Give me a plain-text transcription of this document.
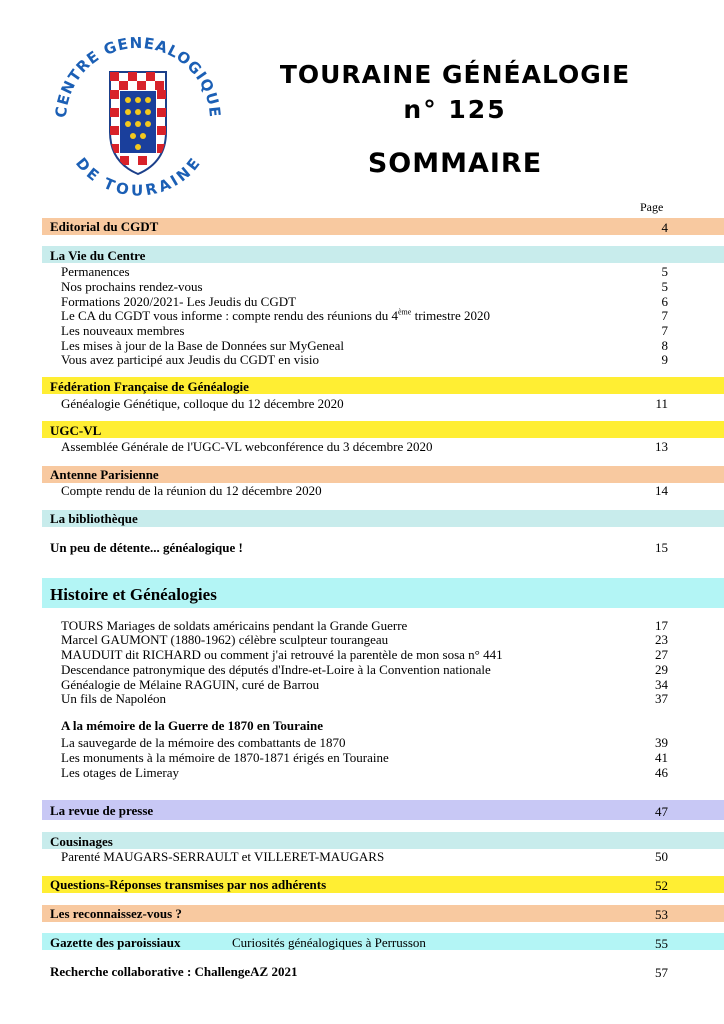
CENTRE GENEALOGIQUE
DE TOURAINE
TOURAINE GÉNÉALOGIE
n° 125
SOMMAIRE
Page
Editorial du CGDT	4
La Vie du Centre
Permanences	5
Nos prochains rendez-vous	5
Formations 2020/2021- Les Jeudis du CGDT	6
Le CA du CGDT vous informe : compte rendu des réunions du 4ème trimestre 2020	7
Les nouveaux membres	7
Les mises à jour de la Base de Données sur MyGeneal	8
Vous avez participé aux Jeudis du CGDT en visio	9
Fédération Française de Généalogie
Généalogie Génétique, colloque du 12 décembre 2020	11
UGC-VL
Assemblée Générale de l'UGC-VL webconférence du 3 décembre 2020	13
Antenne Parisienne
Compte rendu de la réunion du 12 décembre 2020	14
La bibliothèque
Un peu de détente... généalogique !	15
Histoire et Généalogies
TOURS Mariages de soldats américains pendant la Grande Guerre	17
Marcel GAUMONT (1880-1962) célèbre sculpteur tourangeau	23
MAUDUIT dit RICHARD ou comment j'ai retrouvé la parentèle de mon sosa n° 441	27
Descendance patronymique des députés d'Indre-et-Loire à la Convention nationale	29
Généalogie de Mélaine RAGUIN, curé de Barrou	34
Un fils de Napoléon	37
A la mémoire de la Guerre de 1870 en Touraine
La sauvegarde de la mémoire des combattants de 1870	39
Les monuments à la mémoire de 1870-1871 érigés en Touraine	41
Les otages de Limeray	46
La revue de presse	47
Cousinages
Parenté MAUGARS-SERRAULT et VILLERET-MAUGARS	50
Questions-Réponses transmises par nos adhérents	52
Les reconnaissez-vous ?	53
Gazette des paroissiaux	Curiosités généalogiques à Perrusson	55
Recherche collaborative : ChallengeAZ 2021	57
